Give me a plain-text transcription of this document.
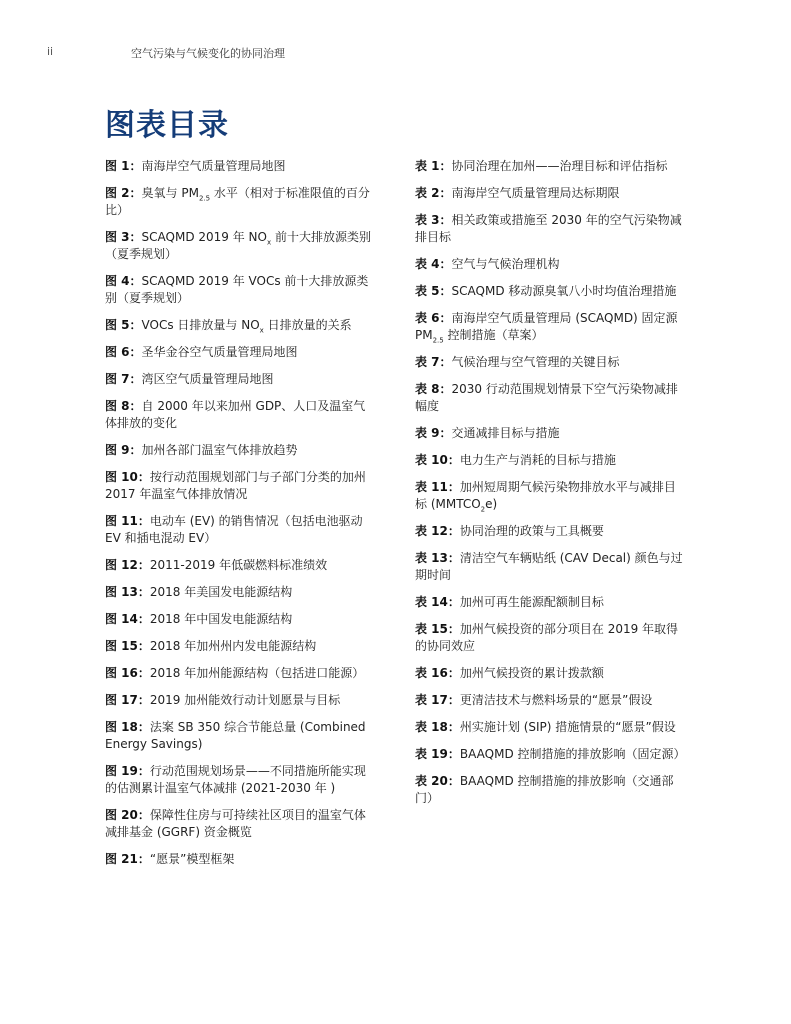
ii	空气污染与气候变化的协同治理
图表目录
图 1：南海岸空气质量管理局地图
图 2：臭氧与 $PM_{2.5}$ 水平（相对于标准限值的百分比）
图 3：SCAQMD 2019 年 $NO_x$ 前十大排放源类别（夏季规划）
图 4：SCAQMD 2019 年 VOCs 前十大排放源类别（夏季规划）
图 5：VOCs 日排放量与 $NO_x$ 日排放量的关系
图 6：圣华金谷空气质量管理局地图
图 7：湾区空气质量管理局地图
图 8：自 2000 年以来加州 GDP、人口及温室气体排放的变化
图 9：加州各部门温室气体排放趋势
图 10：按行动范围规划部门与子部门分类的加州 2017 年温室气体排放情况
图 11：电动车 (EV) 的销售情况（包括电池驱动 EV 和插电混动 EV）
图 12：2011-2019 年低碳燃料标准绩效
图 13：2018 年美国发电能源结构
图 14：2018 年中国发电能源结构
图 15：2018 年加州州内发电能源结构
图 16：2018 年加州能源结构（包括进口能源）
图 17：2019 加州能效行动计划愿景与目标
图 18：法案 SB 350 综合节能总量 (Combined Energy Savings)
图 19：行动范围规划场景——不同措施所能实现的估测累计温室气体减排 (2021-2030 年 )
图 20：保障性住房与可持续社区项目的温室气体减排基金 (GGRF) 资金概览
图 21：“愿景”模型框架
表 1：协同治理在加州——治理目标和评估指标
表 2：南海岸空气质量管理局达标期限
表 3：相关政策或措施至 2030 年的空气污染物减排目标
表 4：空气与气候治理机构
表 5：SCAQMD 移动源臭氧八小时均值治理措施
表 6：南海岸空气质量管理局 (SCAQMD) 固定源 $PM_{2.5}$ 控制措施（草案）
表 7：气候治理与空气管理的关键目标
表 8：2030 行动范围规划情景下空气污染物减排幅度
表 9：交通减排目标与措施
表 10：电力生产与消耗的目标与措施
表 11：加州短周期气候污染物排放水平与减排目标 $(MMTCO_2e)$
表 12：协同治理的政策与工具概要
表 13：清洁空气车辆贴纸 (CAV Decal) 颜色与过期时间
表 14：加州可再生能源配额制目标
表 15：加州气候投资的部分项目在 2019 年取得的协同效应
表 16：加州气候投资的累计拨款额
表 17：更清洁技术与燃料场景的“愿景”假设
表 18：州实施计划 (SIP) 措施情景的“愿景”假设
表 19：BAAQMD 控制措施的排放影响（固定源）
表 20：BAAQMD 控制措施的排放影响（交通部门）
